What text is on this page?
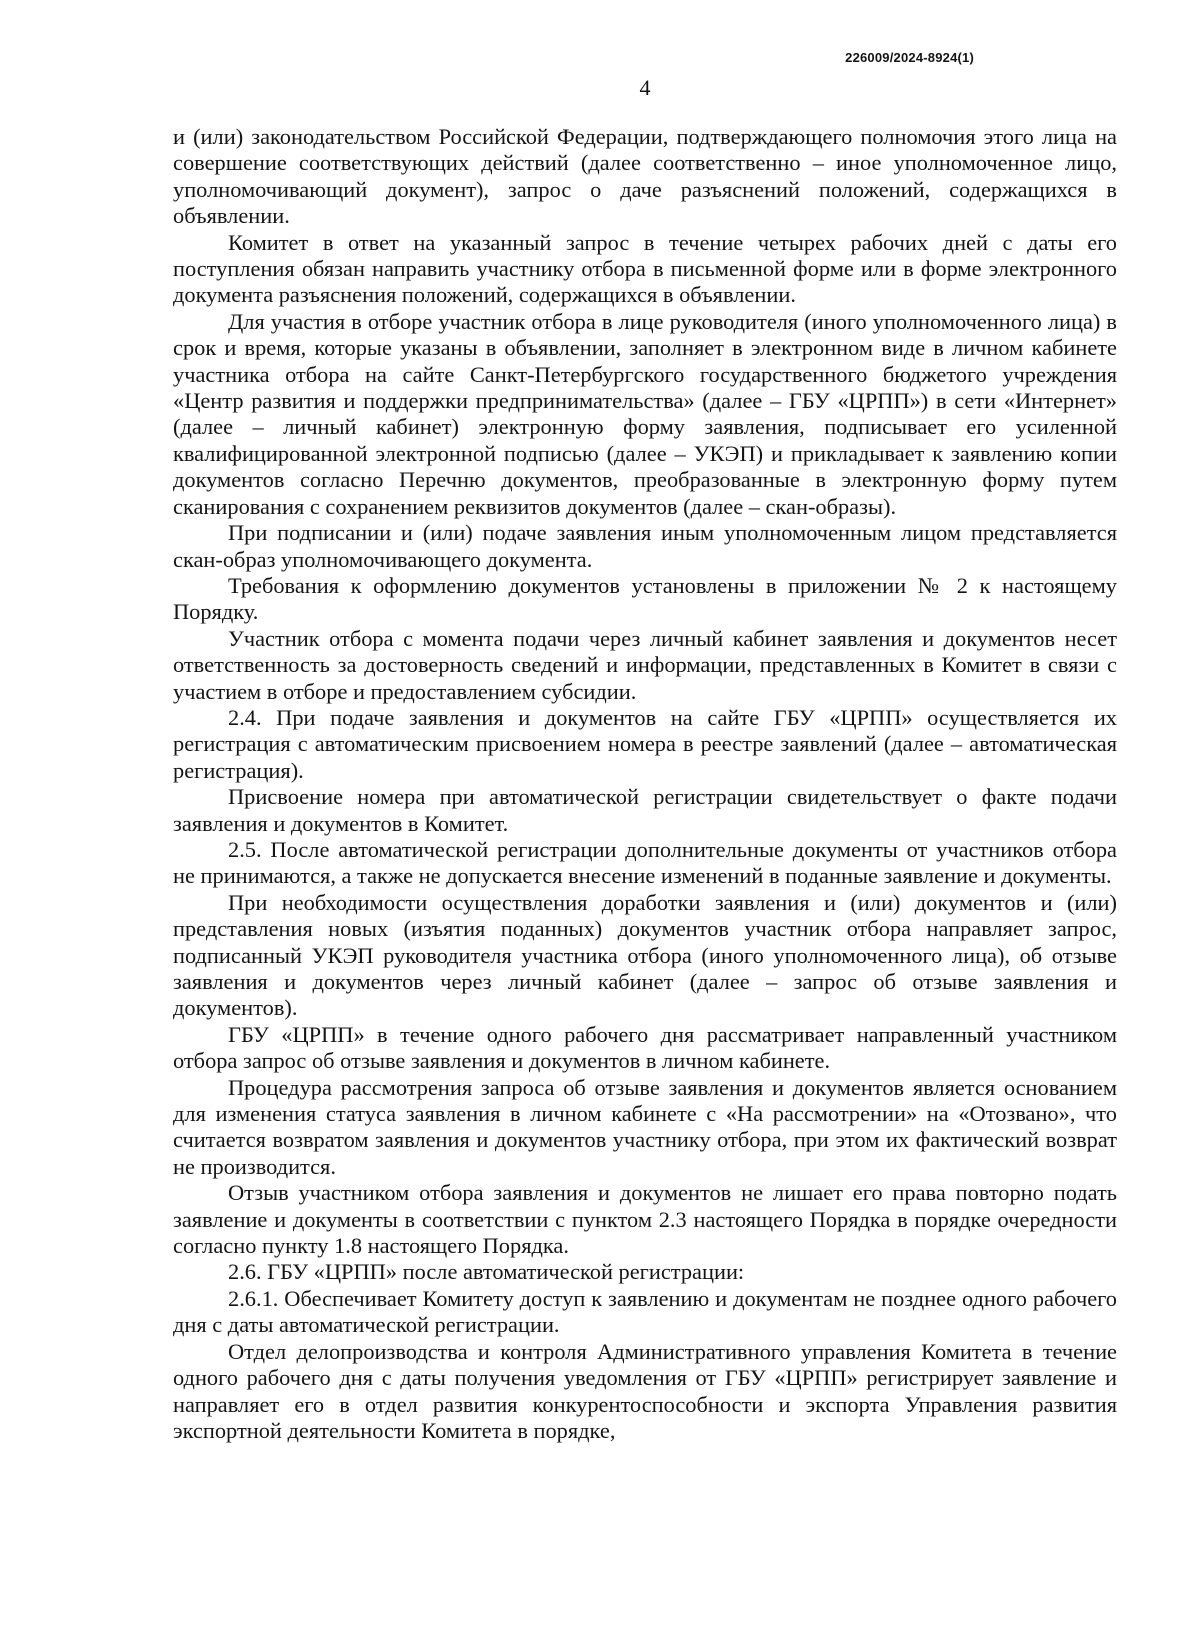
226009/2024-8924(1)
4

и (или) законодательством Российской Федерации, подтверждающего полномочия этого лица на совершение соответствующих действий (далее соответственно – иное уполномоченное лицо, уполномочивающий документ), запрос о даче разъяснений положений, содержащихся в объявлении.

Комитет в ответ на указанный запрос в течение четырех рабочих дней с даты его поступления обязан направить участнику отбора в письменной форме или в форме электронного документа разъяснения положений, содержащихся в объявлении.

Для участия в отборе участник отбора в лице руководителя (иного уполномоченного лица) в срок и время, которые указаны в объявлении, заполняет в электронном виде в личном кабинете участника отбора на сайте Санкт-Петербургского государственного бюджетого учреждения «Центр развития и поддержки предпринимательства» (далее – ГБУ «ЦРПП») в сети «Интернет» (далее – личный кабинет) электронную форму заявления, подписывает его усиленной квалифицированной электронной подписью (далее – УКЭП) и прикладывает к заявлению копии документов согласно Перечню документов, преобразованные в электронную форму путем сканирования с сохранением реквизитов документов (далее – скан-образы).

При подписании и (или) подаче заявления иным уполномоченным лицом представляется скан-образ уполномочивающего документа.

Требования к оформлению документов установлены в приложении № 2 к настоящему Порядку.

Участник отбора с момента подачи через личный кабинет заявления и документов несет ответственность за достоверность сведений и информации, представленных в Комитет в связи с участием в отборе и предоставлением субсидии.

2.4. При подаче заявления и документов на сайте ГБУ «ЦРПП» осуществляется их регистрация с автоматическим присвоением номера в реестре заявлений (далее – автоматическая регистрация).

Присвоение номера при автоматической регистрации свидетельствует о факте подачи заявления и документов в Комитет.

2.5. После автоматической регистрации дополнительные документы от участников отбора не принимаются, а также не допускается внесение изменений в поданные заявление и документы.

При необходимости осуществления доработки заявления и (или) документов и (или) представления новых (изъятия поданных) документов участник отбора направляет запрос, подписанный УКЭП руководителя участника отбора (иного уполномоченного лица), об отзыве заявления и документов через личный кабинет (далее – запрос об отзыве заявления и документов).

ГБУ «ЦРПП» в течение одного рабочего дня рассматривает направленный участником отбора запрос об отзыве заявления и документов в личном кабинете.

Процедура рассмотрения запроса об отзыве заявления и документов является основанием для изменения статуса заявления в личном кабинете с «На рассмотрении» на «Отозвано», что считается возвратом заявления и документов участнику отбора, при этом их фактический возврат не производится.

Отзыв участником отбора заявления и документов не лишает его права повторно подать заявление и документы в соответствии с пунктом 2.3 настоящего Порядка в порядке очередности согласно пункту 1.8 настоящего Порядка.

2.6. ГБУ «ЦРПП» после автоматической регистрации:

2.6.1. Обеспечивает Комитету доступ к заявлению и документам не позднее одного рабочего дня с даты автоматической регистрации.

Отдел делопроизводства и контроля Административного управления Комитета в течение одного рабочего дня с даты получения уведомления от ГБУ «ЦРПП» регистрирует заявление и направляет его в отдел развития конкурентоспособности и экспорта Управления развития экспортной деятельности Комитета в порядке,
